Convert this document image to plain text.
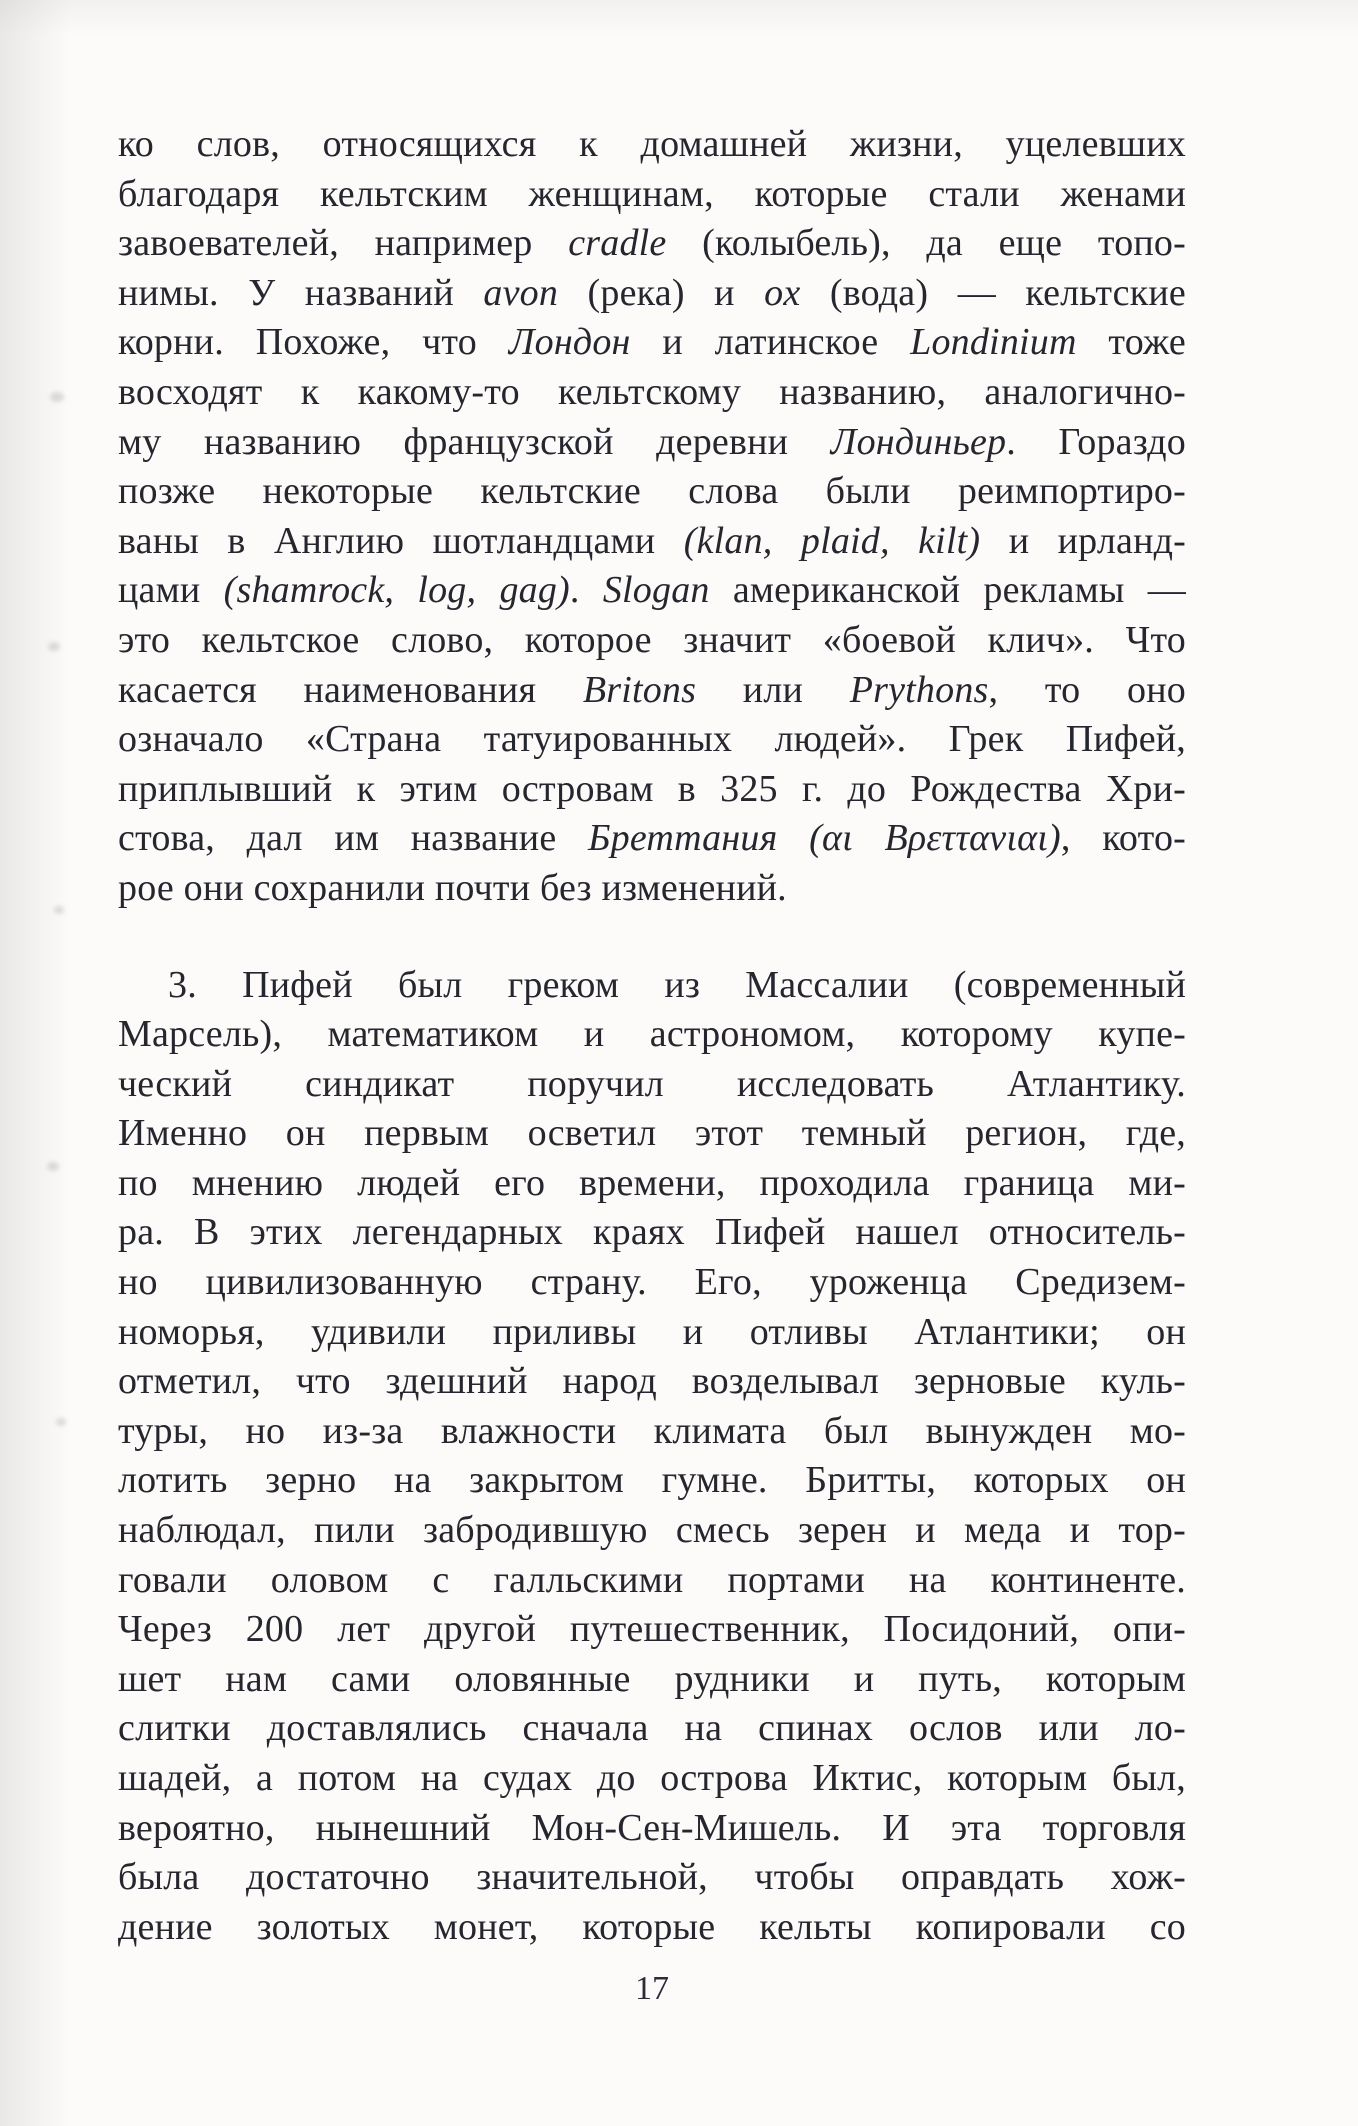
ко слов, относящихся к домашней жизни, уцелевших
благодаря кельтским женщинам, которые стали женами
завоевателей, например cradle (колыбель), да еще топо-
нимы. У названий avon (река) и ox (вода) — кельтские
корни. Похоже, что Лондон и латинское Londinium тоже
восходят к какому-то кельтскому названию, аналогично-
му названию французской деревни Лондиньер. Гораздо
позже некоторые кельтские слова были реимпортиро-
ваны в Англию шотландцами (klan, plaid, kilt) и ирланд-
цами (shamrock, log, gag). Slogan американской рекламы —
это кельтское слово, которое значит «боевой клич». Что
касается наименования Britons или Prythons, то оно
означало «Страна татуированных людей». Грек Пифей,
приплывший к этим островам в 325 г. до Рождества Хри-
стова, дал им название Бреттания (αι Βρεττανιαι), кото-
рое они сохранили почти без изменений.
3. Пифей был греком из Массалии (современный
Марсель), математиком и астрономом, которому купе-
ческий синдикат поручил исследовать Атлантику.
Именно он первым осветил этот темный регион, где,
по мнению людей его времени, проходила граница ми-
ра. В этих легендарных краях Пифей нашел относитель-
но цивилизованную страну. Его, уроженца Средизем-
номорья, удивили приливы и отливы Атлантики; он
отметил, что здешний народ возделывал зерновые куль-
туры, но из-за влажности климата был вынужден мо-
лотить зерно на закрытом гумне. Бритты, которых он
наблюдал, пили забродившую смесь зерен и меда и тор-
говали оловом с галльскими портами на континенте.
Через 200 лет другой путешественник, Посидоний, опи-
шет нам сами оловянные рудники и путь, которым
слитки доставлялись сначала на спинах ослов или ло-
шадей, а потом на судах до острова Иктис, которым был,
вероятно, нынешний Мон-Сен-Мишель. И эта торговля
была достаточно значительной, чтобы оправдать хож-
дение золотых монет, которые кельты копировали со
17
